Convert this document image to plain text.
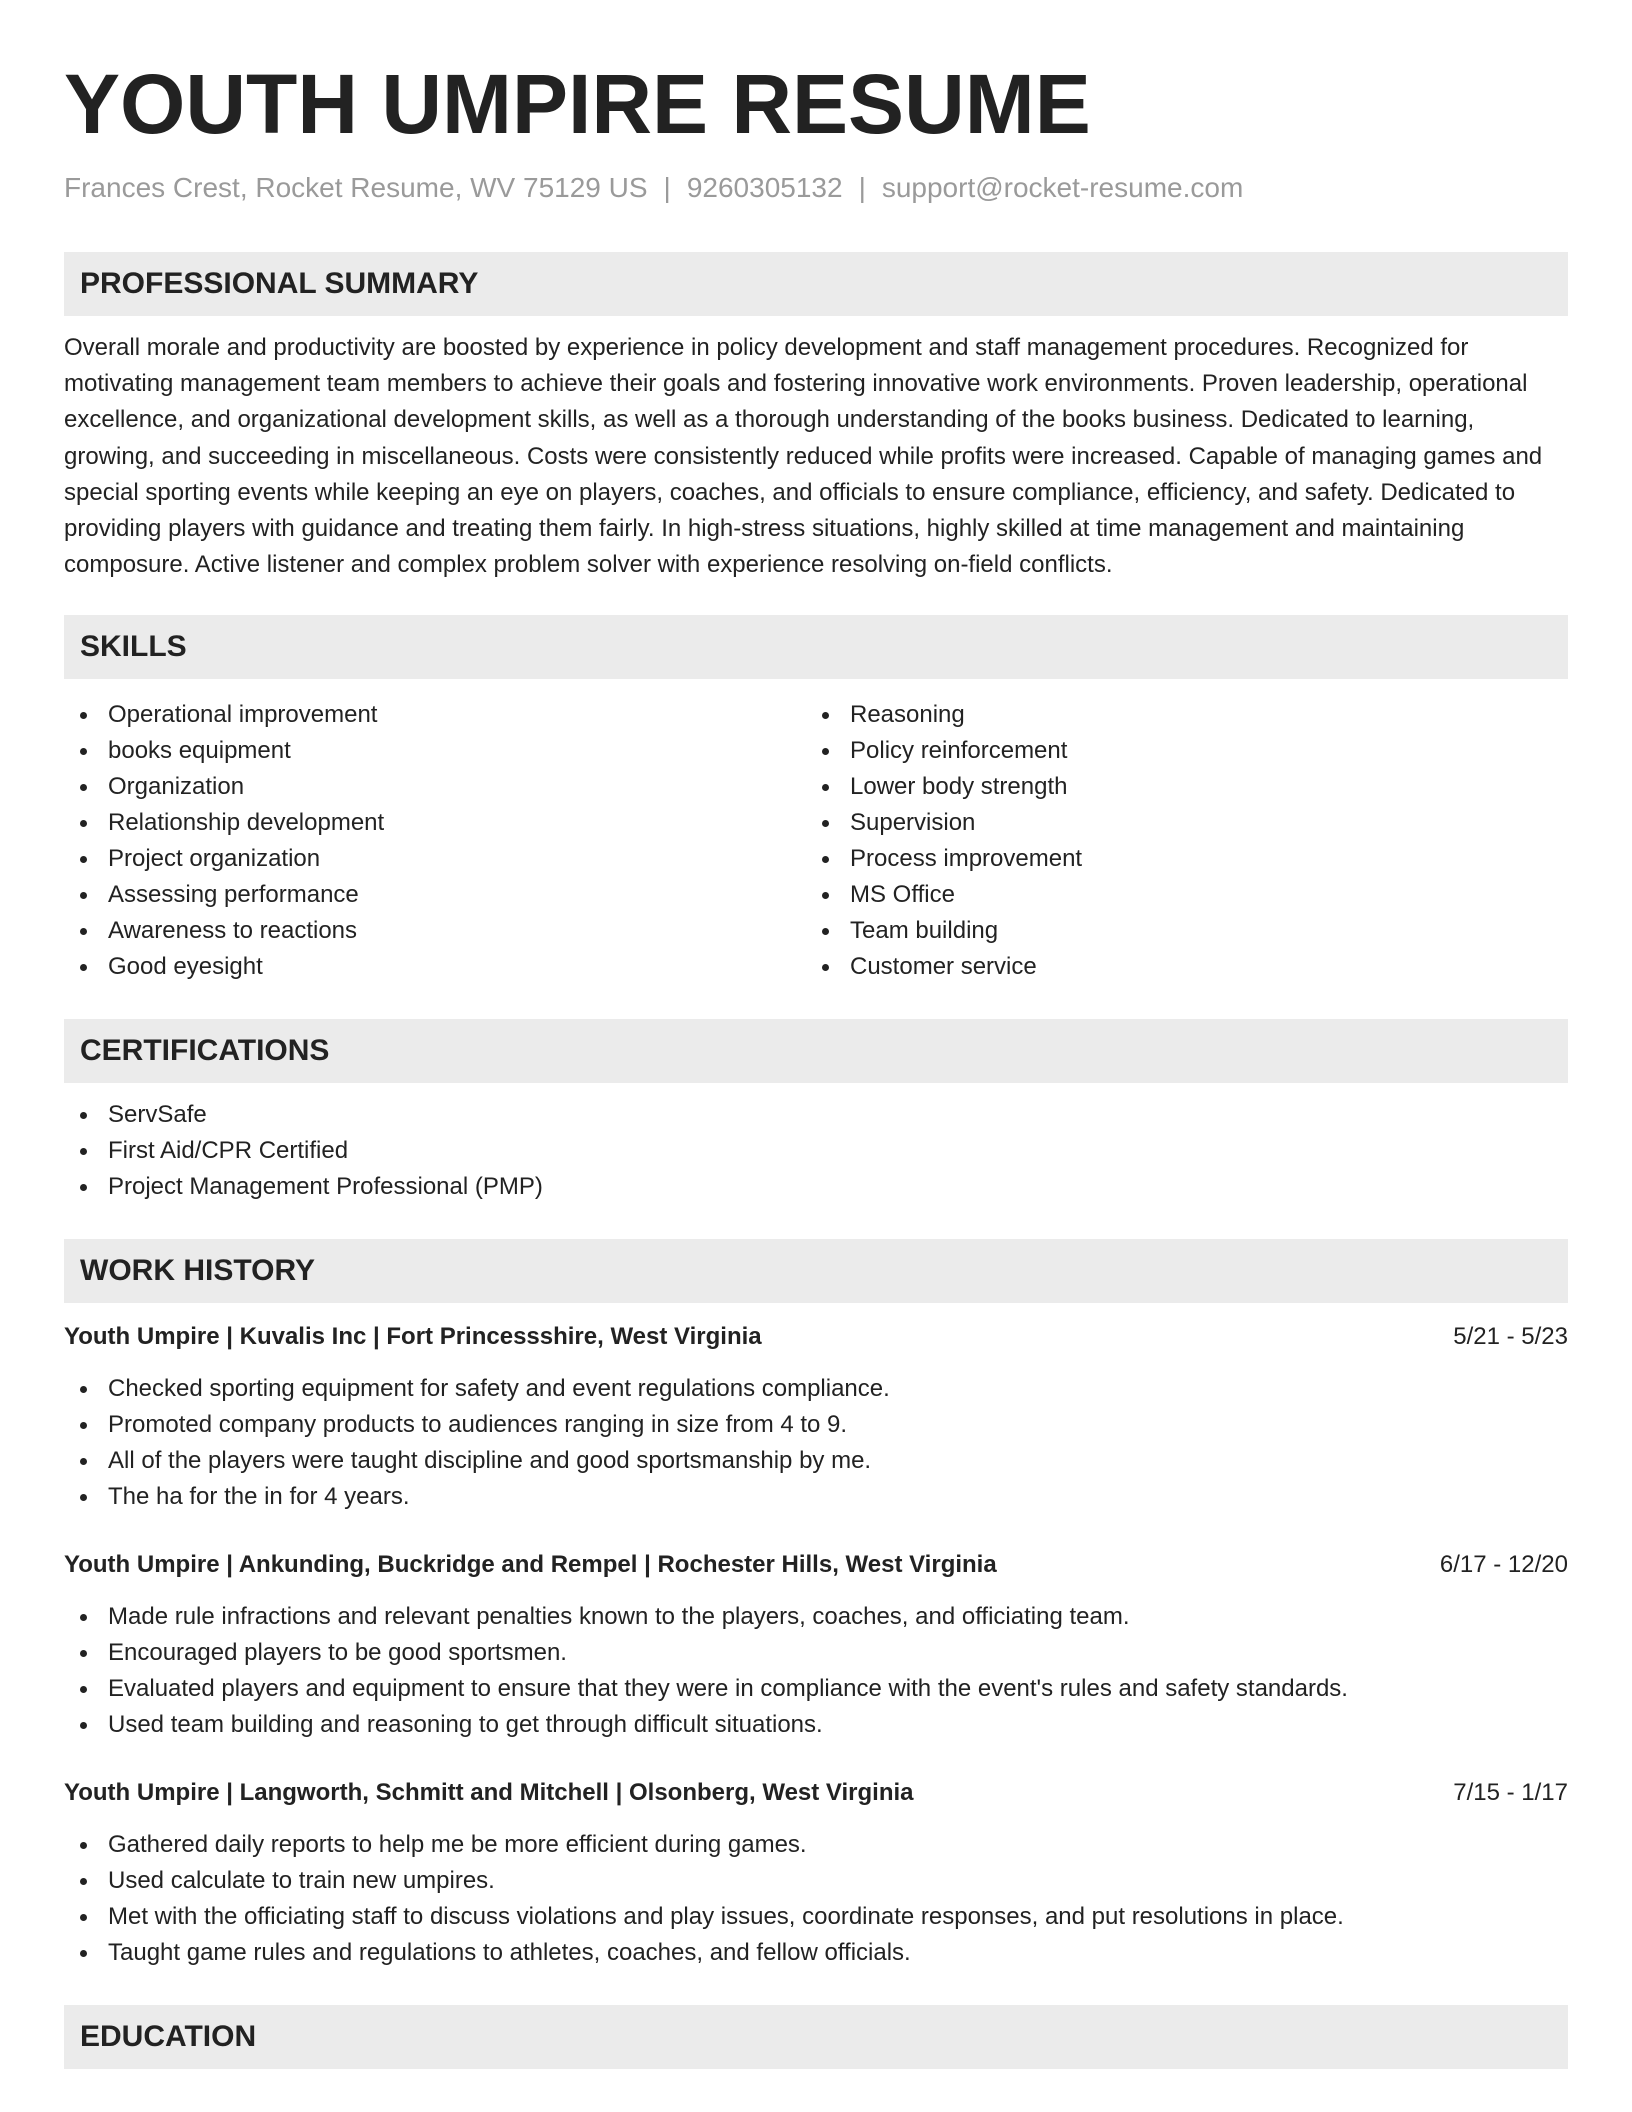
YOUTH UMPIRE RESUME
Frances Crest, Rocket Resume, WV 75129 US | 9260305132 | support@rocket-resume.com
PROFESSIONAL SUMMARY
Overall morale and productivity are boosted by experience in policy development and staff management procedures. Recognized for motivating management team members to achieve their goals and fostering innovative work environments. Proven leadership, operational excellence, and organizational development skills, as well as a thorough understanding of the books business. Dedicated to learning, growing, and succeeding in miscellaneous. Costs were consistently reduced while profits were increased. Capable of managing games and special sporting events while keeping an eye on players, coaches, and officials to ensure compliance, efficiency, and safety. Dedicated to providing players with guidance and treating them fairly. In high-stress situations, highly skilled at time management and maintaining composure. Active listener and complex problem solver with experience resolving on-field conflicts.
SKILLS
Operational improvement
books equipment
Organization
Relationship development
Project organization
Assessing performance
Awareness to reactions
Good eyesight
Reasoning
Policy reinforcement
Lower body strength
Supervision
Process improvement
MS Office
Team building
Customer service
CERTIFICATIONS
ServSafe
First Aid/CPR Certified
Project Management Professional (PMP)
WORK HISTORY
Youth Umpire | Kuvalis Inc | Fort Princessshire, West Virginia	5/21 - 5/23
Checked sporting equipment for safety and event regulations compliance.
Promoted company products to audiences ranging in size from 4 to 9.
All of the players were taught discipline and good sportsmanship by me.
The ha for the in for 4 years.
Youth Umpire | Ankunding, Buckridge and Rempel | Rochester Hills, West Virginia	6/17 - 12/20
Made rule infractions and relevant penalties known to the players, coaches, and officiating team.
Encouraged players to be good sportsmen.
Evaluated players and equipment to ensure that they were in compliance with the event's rules and safety standards.
Used team building and reasoning to get through difficult situations.
Youth Umpire | Langworth, Schmitt and Mitchell | Olsonberg, West Virginia	7/15 - 1/17
Gathered daily reports to help me be more efficient during games.
Used calculate to train new umpires.
Met with the officiating staff to discuss violations and play issues, coordinate responses, and put resolutions in place.
Taught game rules and regulations to athletes, coaches, and fellow officials.
EDUCATION
